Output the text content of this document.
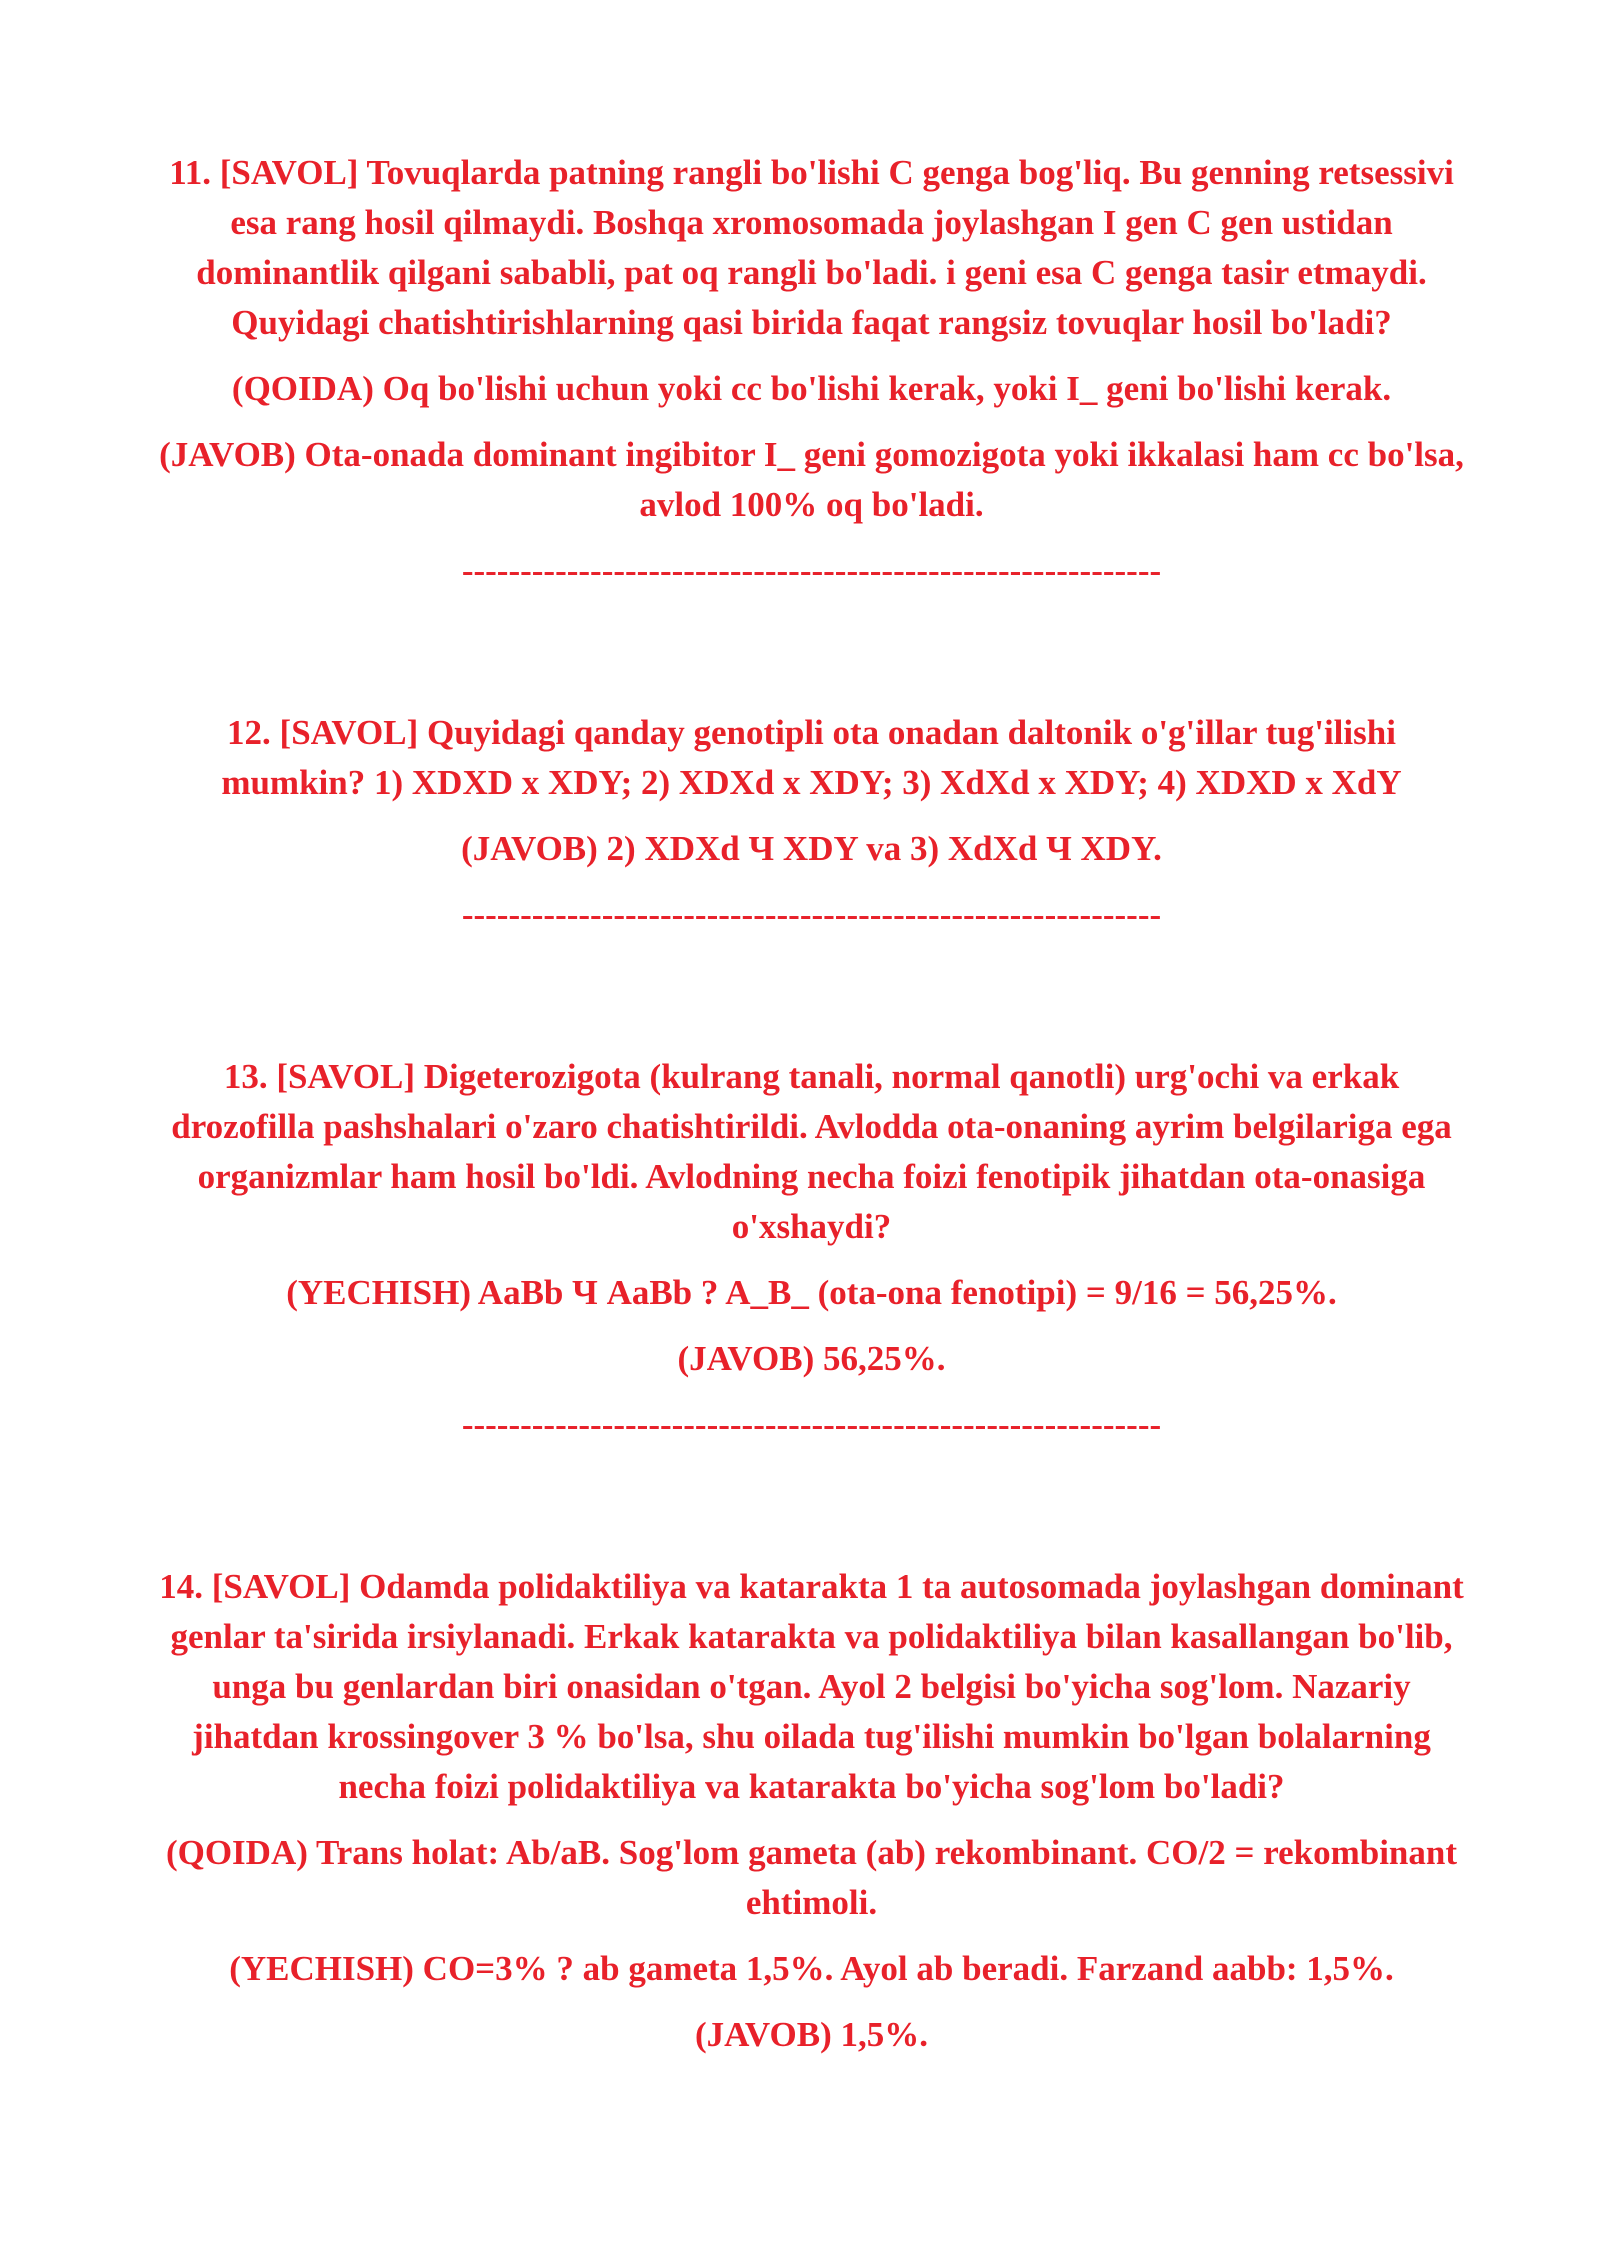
11. [SAVOL] Tovuqlarda patning rangli bo'lishi C genga bog'liq. Bu genning retsessivi esa rang hosil qilmaydi. Boshqa xromosomada joylashgan I gen C gen ustidan dominantlik qilgani sababli, pat oq rangli bo'ladi. i geni esa C genga tasir etmaydi. Quyidagi chatishtirishlarning qasi birida faqat rangsiz tovuqlar hosil bo'ladi?

(QOIDA) Oq bo'lishi uchun yoki cc bo'lishi kerak, yoki I_ geni bo'lishi kerak.

(JAVOB) Ota-onada dominant ingibitor I_ geni gomozigota yoki ikkalasi ham cc bo'lsa, avlod 100% oq bo'ladi.

------------------------------------------------------------

12. [SAVOL] Quyidagi qanday genotipli ota onadan daltonik o'g'illar tug'ilishi mumkin? 1) XDXD x XDY; 2) XDXd x XDY; 3) XdXd x XDY; 4) XDXD x XdY

(JAVOB) 2) XDXd Ч XDY va 3) XdXd Ч XDY.

------------------------------------------------------------

13. [SAVOL] Digeterozigota (kulrang tanali, normal qanotli) urg'ochi va erkak drozofilla pashshalari o'zaro chatishtirildi. Avlodda ota-onaning ayrim belgilariga ega organizmlar ham hosil bo'ldi. Avlodning necha foizi fenotipik jihatdan ota-onasiga o'xshaydi?

(YECHISH) AaBb Ч AaBb ? A_B_ (ota-ona fenotipi) = 9/16 = 56,25%.

(JAVOB) 56,25%.

------------------------------------------------------------

14. [SAVOL] Odamda polidaktiliya va katarakta 1 ta autosomada joylashgan dominant genlar ta'sirida irsiylanadi. Erkak katarakta va polidaktiliya bilan kasallangan bo'lib, unga bu genlardan biri onasidan o'tgan. Ayol 2 belgisi bo'yicha sog'lom. Nazariy jihatdan krossingover 3 % bo'lsa, shu oilada tug'ilishi mumkin bo'lgan bolalarning necha foizi polidaktiliya va katarakta bo'yicha sog'lom bo'ladi?

(QOIDA) Trans holat: Ab/aB. Sog'lom gameta (ab) rekombinant. CO/2 = rekombinant ehtimoli.

(YECHISH) CO=3% ? ab gameta 1,5%. Ayol ab beradi. Farzand aabb: 1,5%.

(JAVOB) 1,5%.
